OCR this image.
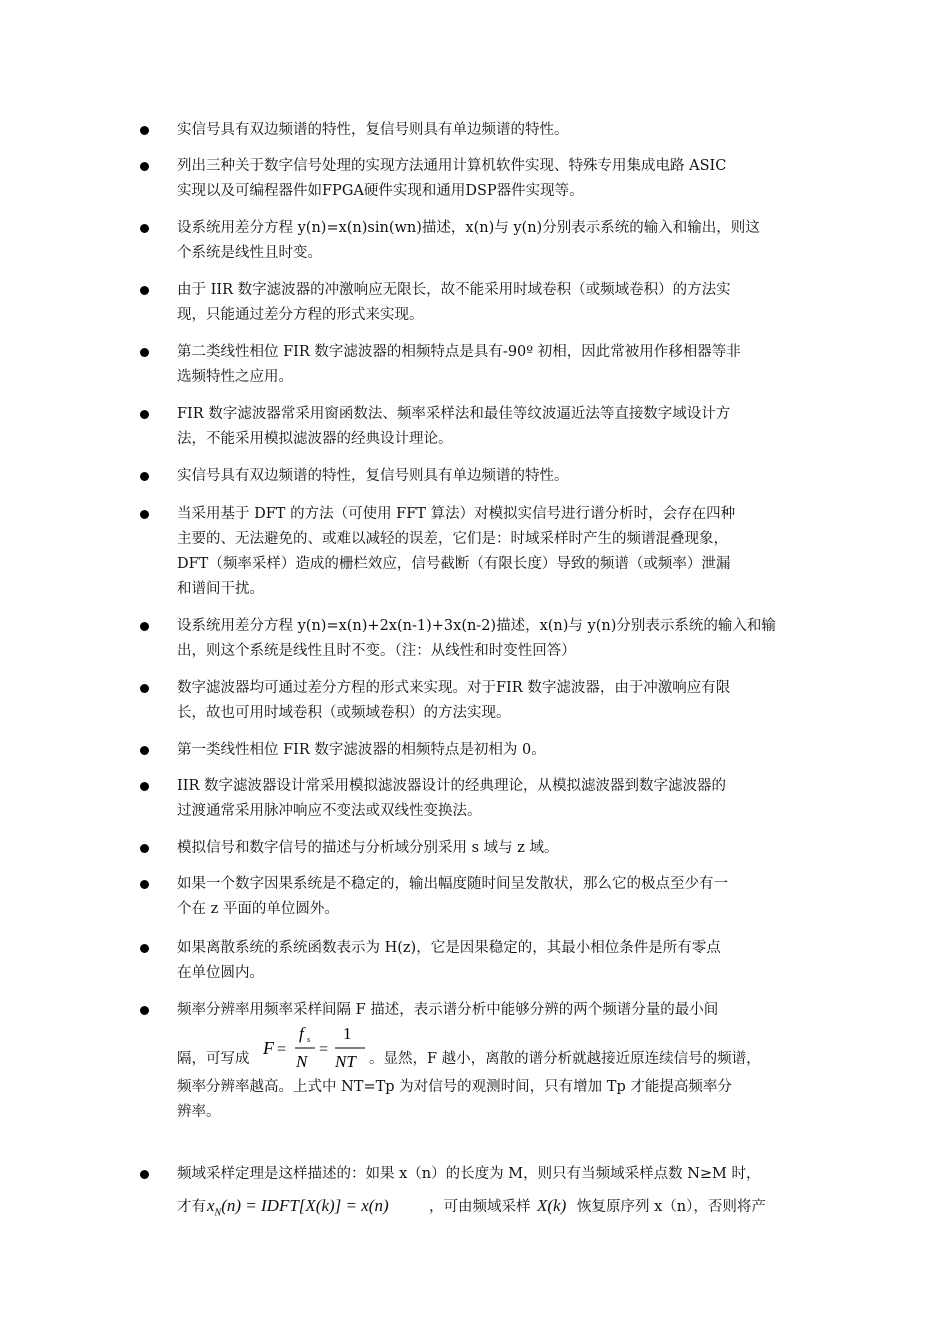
实信号具有双边频谱的特性，复信号则具有单边频谱的特性。
列出三种关于数字信号处理的实现方法通用计算机软件实现、特殊专用集成电路 ASIC
实现以及可编程器件如FPGA硬件实现和通用DSP器件实现等。
设系统用差分方程 y(n)=x(n)sin(wn)描述，x(n)与 y(n)分别表示系统的输入和输出，则这
个系统是线性且时变。
由于 IIR 数字滤波器的冲激响应无限长，故不能采用时域卷积（或频域卷积）的方法实
现，只能通过差分方程的形式来实现。
第二类线性相位 FIR 数字滤波器的相频特点是具有-90º 初相，因此常被用作移相器等非
选频特性之应用。
FIR 数字滤波器常采用窗函数法、频率采样法和最佳等纹波逼近法等直接数字域设计方
法，不能采用模拟滤波器的经典设计理论。
实信号具有双边频谱的特性，复信号则具有单边频谱的特性。
当采用基于 DFT 的方法（可使用 FFT 算法）对模拟实信号进行谱分析时，会存在四种
主要的、无法避免的、或难以减轻的误差，它们是：时域采样时产生的频谱混叠现象，
DFT（频率采样）造成的栅栏效应，信号截断（有限长度）导致的频谱（或频率）泄漏
和谱间干扰。
设系统用差分方程 y(n)=x(n)+2x(n-1)+3x(n-2)描述，x(n)与 y(n)分别表示系统的输入和输
出，则这个系统是线性且时不变。（注：从线性和时变性回答）
数字滤波器均可通过差分方程的形式来实现。对于FIR 数字滤波器，由于冲激响应有限
长，故也可用时域卷积（或频域卷积）的方法实现。
第一类线性相位 FIR 数字滤波器的相频特点是初相为 0。
IIR 数字滤波器设计常采用模拟滤波器设计的经典理论，从模拟滤波器到数字滤波器的
过渡通常采用脉冲响应不变法或双线性变换法。
模拟信号和数字信号的描述与分析域分别采用 s 域与 z 域。
如果一个数字因果系统是不稳定的，输出幅度随时间呈发散状，那么它的极点至少有一
个在 z 平面的单位圆外。
如果离散系统的系统函数表示为 H(z)，它是因果稳定的，其最小相位条件是所有零点
在单位圆内。
频率分辨率用频率采样间隔 F 描述，表示谱分析中能够分辨的两个频谱分量的最小间
隔，可写成
F =
f s
N
=
1
NT 。显然，F 越小，离散的谱分析就越接近原连续信号的频谱，
频率分辨率越高。上式中 NT=Tp 为对信号的观测时间，只有增加 Tp 才能提高频率分
辨率。
频域采样定理是这样描述的：如果 x（n）的长度为 M，则只有当频域采样点数 N≥M 时，
才有 $x_N(n)$ = IDFT[X(k)] = x(n)	，可由频域采样 X(k) 恢复原序列 x（n），否则将产
